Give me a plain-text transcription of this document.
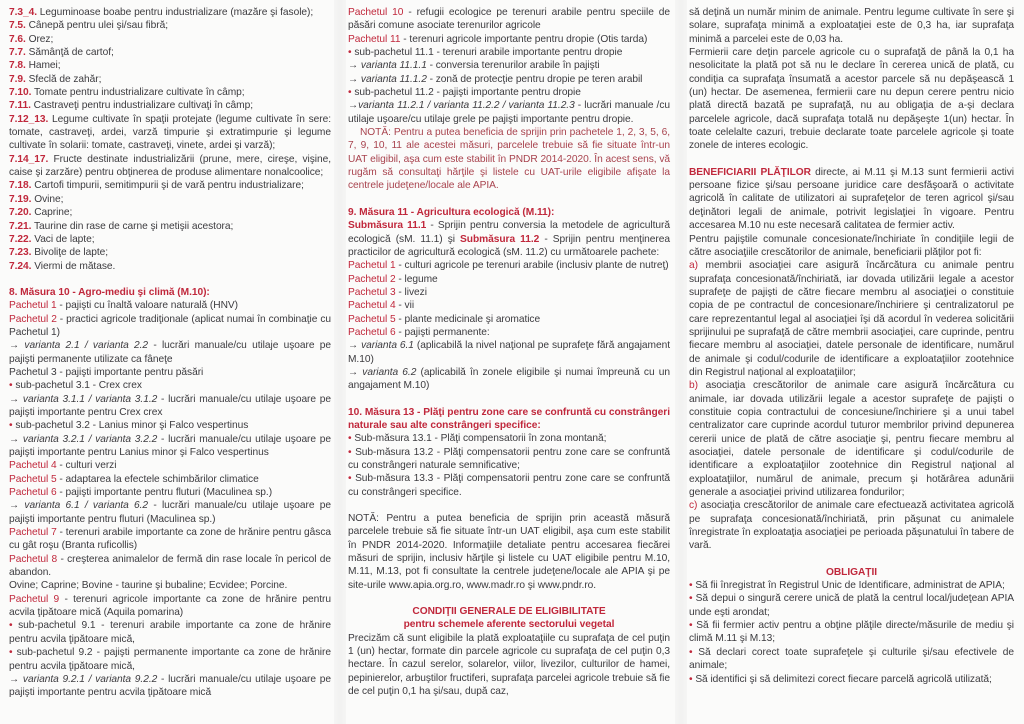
7.3_4. Leguminoase boabe pentru industrializare (mazăre şi fasole);

7.5. Cânepă pentru ulei şi/sau fibră;

7.6. Orez;

7.7. Sămânţă de cartof;

7.8. Hamei;

7.9. Sfeclă de zahăr;

7.10. Tomate pentru industrializare cultivate în câmp;

7.11. Castraveţi pentru industrializare cultivaţi în câmp;

7.12_13. Legume cultivate în spaţii protejate (legume cultivate în sere: tomate, castraveţi, ardei, varză timpurie şi extratimpurie şi legume cultivate în solarii: tomate, castraveţi, vinete, ardei şi varză);

7.14_17. Fructe destinate industrializării (prune, mere, cireşe, vişine, caise şi zarzăre) pentru obţinerea de produse alimentare nonalcoolice;

7.18. Cartofi timpurii, semitimpurii şi de vară pentru industrializare;

7.19. Ovine;

7.20. Caprine;

7.21. Taurine din rase de carne şi metişii acestora;

7.22. Vaci de lapte;

7.23. Bivoliţe de lapte;

7.24. Viermi de mătase.

8. Măsura 10 - Agro-mediu şi climă (M.10):

Pachetul 1 - pajişti cu înaltă valoare naturală (HNV)

Pachetul 2 - practici agricole tradiţionale (aplicat numai în combinaţie cu Pachetul 1)

→ varianta 2.1 / varianta 2.2 - lucrări manuale/cu utilaje uşoare pe pajişti permanente utilizate ca fâneţe

Pachetul 3 - pajişti importante pentru păsări

• sub-pachetul 3.1 - Crex crex

→ varianta 3.1.1 / varianta 3.1.2 - lucrări manuale/cu utilaje uşoare pe pajişti importante pentru Crex crex

• sub-pachetul 3.2 - Lanius minor şi Falco vespertinus

→ varianta 3.2.1 / varianta 3.2.2 - lucrări manuale/cu utilaje uşoare pe pajişti importante pentru Lanius minor şi Falco vespertinus

Pachetul 4 - culturi verzi

Pachetul 5 - adaptarea la efectele schimbărilor climatice

Pachetul 6 - pajişti importante pentru fluturi (Maculinea sp.)

→ varianta 6.1 / varianta 6.2 - lucrări manuale/cu utilaje uşoare pe pajişti importante pentru fluturi (Maculinea sp.)

Pachetul 7 - terenuri arabile importante ca zone de hrănire pentru gâsca cu gât roşu (Branta ruficollis)

Pachetul 8 - creşterea animalelor de fermă din rase locale în pericol de abandon.

Ovine; Caprine; Bovine - taurine şi bubaline; Ecvidee; Porcine.

Pachetul 9 - terenuri agricole importante ca zone de hrănire pentru acvila ţipătoare mică (Aquila pomarina)

• sub-pachetul 9.1 - terenuri arabile importante ca zone de hrănire pentru acvila ţipătoare mică,

• sub-pachetul 9.2 - pajişti permanente importante ca zone de hrănire pentru acvila ţipătoare mică,

→ varianta 9.2.1 / varianta 9.2.2 - lucrări manuale/cu utilaje uşoare pe pajişti importante pentru acvila ţipătoare mică

Pachetul 10 - refugii ecologice pe terenuri arabile pentru speciile de păsări comune asociate terenurilor agricole

Pachetul 11 - terenuri agricole importante pentru dropie (Otis tarda)

• sub-pachetul 11.1 - terenuri arabile importante pentru dropie

→ varianta 11.1.1 - conversia terenurilor arabile în pajişti

→ varianta 11.1.2 - zonă de protecţie pentru dropie pe teren arabil

• sub-pachetul 11.2 - pajişti importante pentru dropie

→varianta 11.2.1 / varianta 11.2.2 / varianta 11.2.3 - lucrări manuale /cu utilaje uşoare/cu utilaje grele pe pajişti importante pentru dropie.

NOTĂ: Pentru a putea beneficia de sprijin prin pachetele 1, 2, 3, 5, 6, 7, 9, 10, 11 ale acestei măsuri, parcelele trebuie să fie situate într-un UAT eligibil, aşa cum este stabilit în PNDR 2014-2020. În acest sens, vă rugăm să consultaţi hărţile şi listele cu UAT-urile eligibile afişate la centrele judeţene/locale ale APIA.

9. Măsura 11 - Agricultura ecologică (M.11):

Submăsura 11.1 - Sprijin pentru conversia la metodele de agricultură ecologică (sM. 11.1) şi Submăsura 11.2 - Sprijin pentru menţinerea practicilor de agricultură ecologică (sM. 11.2) cu următoarele pachete:

Pachetul 1 - culturi agricole pe terenuri arabile (inclusiv plante de nutreţ)

Pachetul 2 - legume

Pachetul 3 - livezi

Pachetul 4 - vii

Pachetul 5 - plante medicinale şi aromatice

Pachetul 6 - pajişti permanente:

→ varianta 6.1 (aplicabilă la nivel naţional pe suprafeţe fără angajament M.10)

→ varianta 6.2 (aplicabilă în zonele eligibile şi numai împreună cu un angajament M.10)

10. Măsura 13 - Plăţi pentru zone care se confruntă cu constrângeri naturale sau alte constrângeri specifice:

• Sub-măsura 13.1 - Plăţi compensatorii în zona montană;

• Sub-măsura 13.2 - Plăţi compensatorii pentru zone care se confruntă cu constrângeri naturale semnificative;

• Sub-măsura 13.3 - Plăţi compensatorii pentru zone care se confruntă cu constrângeri specifice.

NOTĂ: Pentru a putea beneficia de sprijin prin această măsură parcelele trebuie să fie situate într-un UAT eligibil, aşa cum este stabilit în PNDR 2014-2020. Informaţiile detaliate pentru accesarea fiecărei măsuri de sprijin, inclusiv hărţile şi listele cu UAT eligibile pentru M.10, M.11, M.13, pot fi consultate la centrele judeţene/locale ale APIA şi pe site-urile www.apia.org.ro, www.madr.ro şi www.pndr.ro.

CONDIŢII GENERALE DE ELIGIBILITATE

pentru schemele aferente sectorului vegetal

Precizăm că sunt eligibile la plată exploataţiile cu suprafaţa de cel puţin 1 (un) hectar, formate din parcele agricole cu suprafaţa de cel puţin 0,3 hectare. În cazul serelor, solarelor, viilor, livezilor, culturilor de hamei, pepinierelor, arbuştilor fructiferi, suprafaţa parcelei agricole trebuie să fie de cel puţin 0,1 ha şi/sau, după caz,

să deţină un număr minim de animale. Pentru legume cultivate în sere şi solare, suprafaţa minimă a exploataţiei este de 0,3 ha, iar suprafaţa minimă a parcelei este de 0,03 ha.

Fermierii care deţin parcele agricole cu o suprafaţă de până la 0,1 ha nesolicitate la plată pot să nu le declare în cererea unică de plată, cu condiţia ca suprafaţa însumată a acestor parcele să nu depăşească 1 (un) hectar. De asemenea, fermierii care nu depun cerere pentru nicio plată directă bazată pe suprafaţă, nu au obligaţia de a-şi declara parcelele agricole, dacă suprafaţa totală nu depăşeşte 1(un) hectar. În toate celelalte cazuri, trebuie declarate toate parcelele agricole şi toate zonele de interes ecologic.

BENEFICIARII PLĂŢILOR directe, ai M.11 şi M.13 sunt fermierii activi persoane fizice şi/sau persoane juridice care desfăşoară o activitate agricolă în calitate de utilizatori ai suprafeţelor de teren agricol şi/sau deţinători legali de animale, potrivit legislaţiei în vigoare. Pentru accesarea M.10 nu este necesară calitatea de fermier activ.

Pentru pajiştile comunale concesionate/închiriate în condiţiile legii de către asociaţiile crescătorilor de animale, beneficiarii plăţilor pot fi:

a) membrii asociaţiei care asigură încărcătura cu animale pentru suprafaţa concesionată/închiriată, iar dovada utilizării legale a acestor suprafeţe de pajişti de către fiecare membru al asociaţiei o constituie copia de pe contractul de concesionare/închiriere şi centralizatorul pe care reprezentantul legal al asociaţiei îşi dă acordul în vederea solicitării sprijinului pe suprafaţă de către membrii asociaţiei, care cuprinde, pentru fiecare membru al asociaţiei, datele personale de identificare, numărul de animale şi codul/codurile de identificare a exploataţiilor zootehnice din Registrul naţional al exploataţiilor;

b) asociaţia crescătorilor de animale care asigură încărcătura cu animale, iar dovada utilizării legale a acestor suprafeţe de pajişti o constituie copia contractului de concesiune/închiriere şi a unui tabel centralizator care cuprinde acordul tuturor membrilor privind depunerea cererii unice de plată de către asociaţie şi, pentru fiecare membru al asociaţiei, datele personale de identificare şi codul/codurile de identificare a exploataţiilor zootehnice din Registrul naţional al exploataţiilor, numărul de animale, precum şi hotărârea adunării generale a asociaţiei privind utilizarea fondurilor;

c) asociaţia crescătorilor de animale care efectuează activitatea agricolă pe suprafaţa concesionată/închiriată, prin păşunat cu animalele înregistrate în exploataţia asociaţiei pe perioada păşunatului în tabere de vară.

OBLIGAŢII

• Să fii înregistrat în Registrul Unic de Identificare, administrat de APIA;

• Să depui o singură cerere unică de plată la centrul local/judeţean APIA unde eşti arondat;

• Să fii fermier activ pentru a obţine plăţile directe/măsurile de mediu şi climă M.11 şi M.13;

• Să declari corect toate suprafeţele şi culturile şi/sau efectivele de animale;

• Să identifici şi să delimitezi corect fiecare parcelă agricolă utilizată;
